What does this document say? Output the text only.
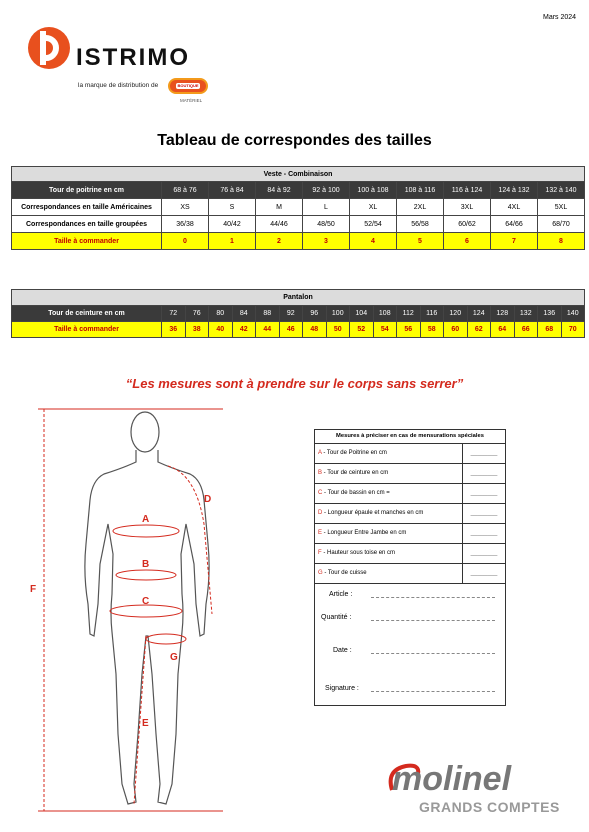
Mars 2024
ISTRIMO
la marque de distribution de	BOUTIQUE
MATÉRIEL
Tableau de correspondes des tailles
Veste - Combinaison									
Tour de poitrine en cm	68 à 76	76 à 84	84 à 92	92 à 100	100 à 108	108 à 116	116 à 124	124 à 132	132 à 140
Correspondances en taille Américaines	XS	S	M	L	XL	2XL	3XL	4XL	5XL
Correspondances en taille groupées	36/38	40/42	44/46	48/50	52/54	56/58	60/62	64/66	68/70
Taille à commander	0	1	2	3	4	5	6	7	8
Pantalon																		
Tour de ceinture en cm	72	76	80	84	88	92	96	100	104	108	112	116	120	124	128	132	136	140
Taille à commander	36	38	40	42	44	46	48	50	52	54	56	58	60	62	64	66	68	70
“Les mesures sont à prendre sur le corps sans serrer”
A
B
C
D
E
F
G
Mesures à préciser en cas de mensurations spéciales
A - Tour de Poitrine en cm	________
B - Tour de ceinture en cm	________
C - Tour de bassin en cm =	________
D - Longueur épaule et manches en cm	________
E - Longueur Entre Jambe en cm	________
F - Hauteur sous toise en cm	________
G - Tour de cuisse	________
Article :
Quantité :
Date :
Signature :
molinel
GRANDS COMPTES
